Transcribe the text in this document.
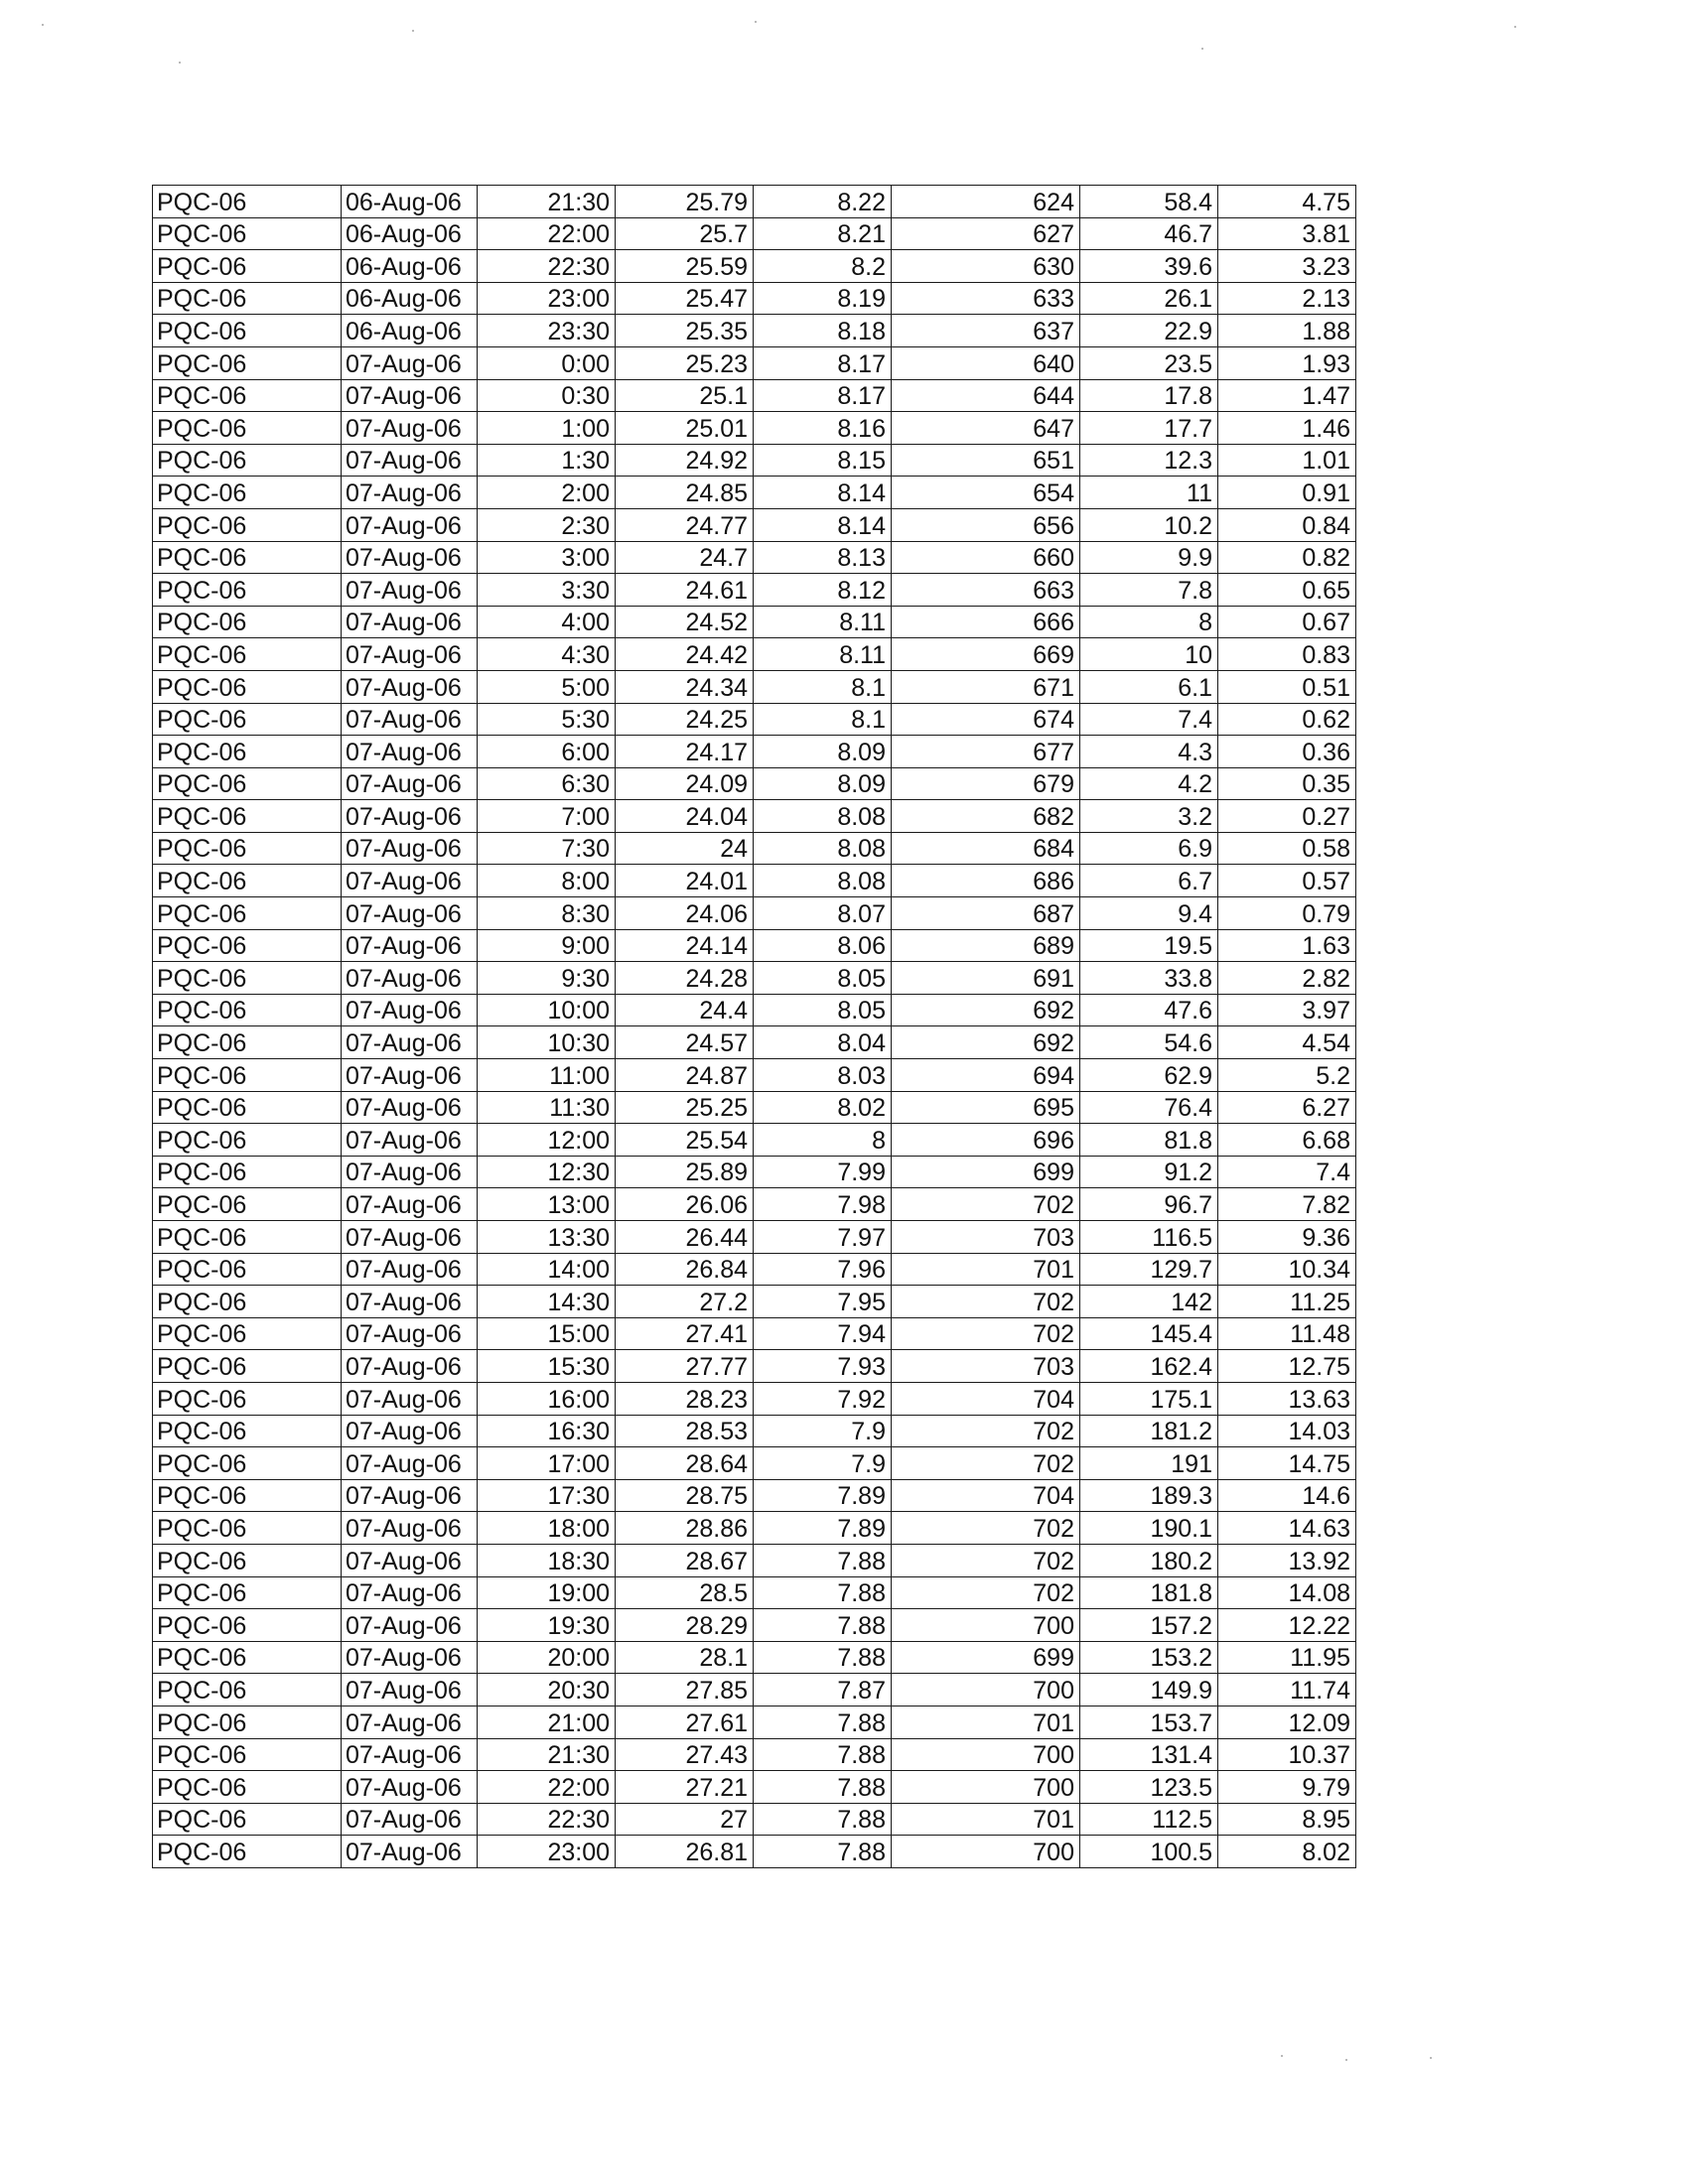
PQC-06	06-Aug-06	21:30	25.79	8.22	624	58.4	4.75
PQC-06	06-Aug-06	22:00	25.7	8.21	627	46.7	3.81
PQC-06	06-Aug-06	22:30	25.59	8.2	630	39.6	3.23
PQC-06	06-Aug-06	23:00	25.47	8.19	633	26.1	2.13
PQC-06	06-Aug-06	23:30	25.35	8.18	637	22.9	1.88
PQC-06	07-Aug-06	0:00	25.23	8.17	640	23.5	1.93
PQC-06	07-Aug-06	0:30	25.1	8.17	644	17.8	1.47
PQC-06	07-Aug-06	1:00	25.01	8.16	647	17.7	1.46
PQC-06	07-Aug-06	1:30	24.92	8.15	651	12.3	1.01
PQC-06	07-Aug-06	2:00	24.85	8.14	654	11	0.91
PQC-06	07-Aug-06	2:30	24.77	8.14	656	10.2	0.84
PQC-06	07-Aug-06	3:00	24.7	8.13	660	9.9	0.82
PQC-06	07-Aug-06	3:30	24.61	8.12	663	7.8	0.65
PQC-06	07-Aug-06	4:00	24.52	8.11	666	8	0.67
PQC-06	07-Aug-06	4:30	24.42	8.11	669	10	0.83
PQC-06	07-Aug-06	5:00	24.34	8.1	671	6.1	0.51
PQC-06	07-Aug-06	5:30	24.25	8.1	674	7.4	0.62
PQC-06	07-Aug-06	6:00	24.17	8.09	677	4.3	0.36
PQC-06	07-Aug-06	6:30	24.09	8.09	679	4.2	0.35
PQC-06	07-Aug-06	7:00	24.04	8.08	682	3.2	0.27
PQC-06	07-Aug-06	7:30	24	8.08	684	6.9	0.58
PQC-06	07-Aug-06	8:00	24.01	8.08	686	6.7	0.57
PQC-06	07-Aug-06	8:30	24.06	8.07	687	9.4	0.79
PQC-06	07-Aug-06	9:00	24.14	8.06	689	19.5	1.63
PQC-06	07-Aug-06	9:30	24.28	8.05	691	33.8	2.82
PQC-06	07-Aug-06	10:00	24.4	8.05	692	47.6	3.97
PQC-06	07-Aug-06	10:30	24.57	8.04	692	54.6	4.54
PQC-06	07-Aug-06	11:00	24.87	8.03	694	62.9	5.2
PQC-06	07-Aug-06	11:30	25.25	8.02	695	76.4	6.27
PQC-06	07-Aug-06	12:00	25.54	8	696	81.8	6.68
PQC-06	07-Aug-06	12:30	25.89	7.99	699	91.2	7.4
PQC-06	07-Aug-06	13:00	26.06	7.98	702	96.7	7.82
PQC-06	07-Aug-06	13:30	26.44	7.97	703	116.5	9.36
PQC-06	07-Aug-06	14:00	26.84	7.96	701	129.7	10.34
PQC-06	07-Aug-06	14:30	27.2	7.95	702	142	11.25
PQC-06	07-Aug-06	15:00	27.41	7.94	702	145.4	11.48
PQC-06	07-Aug-06	15:30	27.77	7.93	703	162.4	12.75
PQC-06	07-Aug-06	16:00	28.23	7.92	704	175.1	13.63
PQC-06	07-Aug-06	16:30	28.53	7.9	702	181.2	14.03
PQC-06	07-Aug-06	17:00	28.64	7.9	702	191	14.75
PQC-06	07-Aug-06	17:30	28.75	7.89	704	189.3	14.6
PQC-06	07-Aug-06	18:00	28.86	7.89	702	190.1	14.63
PQC-06	07-Aug-06	18:30	28.67	7.88	702	180.2	13.92
PQC-06	07-Aug-06	19:00	28.5	7.88	702	181.8	14.08
PQC-06	07-Aug-06	19:30	28.29	7.88	700	157.2	12.22
PQC-06	07-Aug-06	20:00	28.1	7.88	699	153.2	11.95
PQC-06	07-Aug-06	20:30	27.85	7.87	700	149.9	11.74
PQC-06	07-Aug-06	21:00	27.61	7.88	701	153.7	12.09
PQC-06	07-Aug-06	21:30	27.43	7.88	700	131.4	10.37
PQC-06	07-Aug-06	22:00	27.21	7.88	700	123.5	9.79
PQC-06	07-Aug-06	22:30	27	7.88	701	112.5	8.95
PQC-06	07-Aug-06	23:00	26.81	7.88	700	100.5	8.02
